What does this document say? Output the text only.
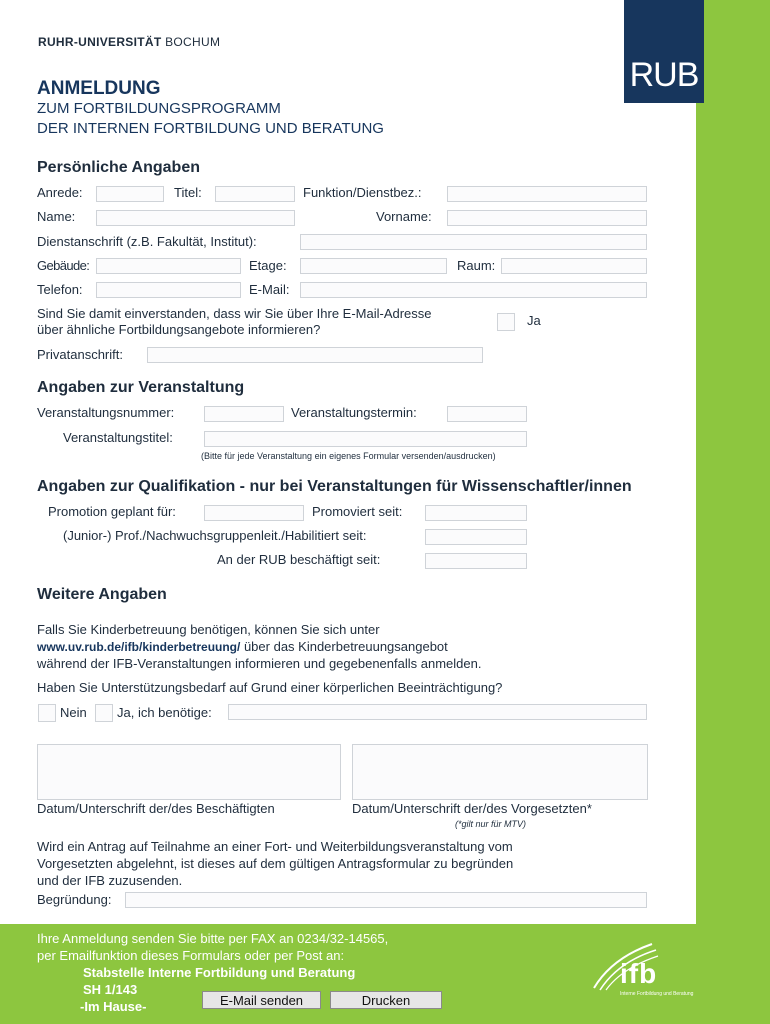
RU B
RUHR-UNIVERSITÄT BOCHUM
ANMELDUNG
ZUM FORTBILDUNGSPROGRAMM
DER INTERNEN FORTBILDUNG UND BERATUNG
Persönliche Angaben
Anrede:	Titel:	Funktion/Dienstbez.:
Name:	Vorname:
Dienstanschrift (z.B. Fakultät, Institut):
Gebäude:	Etage:	Raum:
Telefon:	E-Mail:
Sind Sie damit einverstanden, dass wir Sie über Ihre E-Mail-Adresse
über ähnliche Fortbildungsangebote informieren?
Ja
Privatanschrift:
Angaben zur Veranstaltung
Veranstaltungsnummer:	Veranstaltungstermin:
Veranstaltungstitel:
(Bitte für jede Veranstaltung ein eigenes Formular versenden/ausdrucken)
Angaben zur Qualifikation - nur bei Veranstaltungen für Wissenschaftler/innen
Promotion geplant für:	Promoviert seit:
(Junior-) Prof./Nachwuchsgruppenleit./Habilitiert seit:
An der RUB beschäftigt seit:
Weitere Angaben
Falls Sie Kinderbetreuung benötigen, können Sie sich unter
www.uv.rub.de/ifb/kinderbetreuung/ über das Kinderbetreuungsangebot
während der IFB-Veranstaltungen informieren und gegebenenfalls anmelden.
Haben Sie Unterstützungsbedarf auf Grund einer körperlichen Beeinträchtigung?
Nein Ja, ich benötige:
Datum/Unterschrift der/des Beschäftigten	Datum/Unterschrift der/des Vorgesetzten*
(*gilt nur für MTV)
Wird ein Antrag auf Teilnahme an einer Fort- und Weiterbildungsveranstaltung vom
Vorgesetzten abgelehnt, ist dieses auf dem gültigen Antragsformular zu begründen
und der IFB zuzusenden.
Begründung:
Ihre Anmeldung senden Sie bitte per FAX an 0234/32-14565,
per Emailfunktion dieses Formulars oder per Post an:
Stabstelle Interne Fortbildung und Beratung
SH 1/143
-Im Hause-	E-Mail senden	Drucken
ifb
Interne Fortbildung und Beratung
